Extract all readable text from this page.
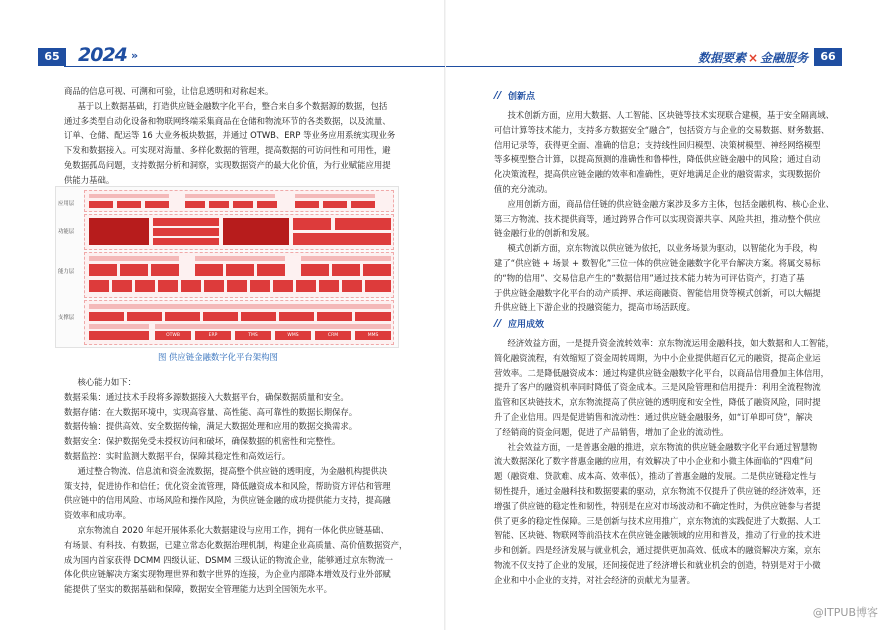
65 2024 »	数据要素 × 金融服务	66

商品的信息可视、可溯和可验，让信息透明和对称起来。

基于以上数据基础，打造供应链金融数字化平台，整合来自多个数据源的数据，包括
通过多类型自动化设备和物联网终端采集商品在仓储和物流环节的各类数据，以及流量、
订单、仓储、配运等 16 大业务板块数据，并通过 OTWB、ERP 等业务应用系统实现业务
下发和数据接入。可实现对海量、多样化数据的管理，提高数据的可访问性和可用性，避
免数据孤岛问题，支持数据分析和洞察，实现数据资产的最大化价值，为行业赋能应用提
供能力基础。
应用层
功能层
能力层
支撑层
OTWB	ERP	TMS	WMS	CRM	MMS
图 供应链金融数字化平台架构图
核心能力如下：
数据采集：通过技术手段将多源数据接入大数据平台，确保数据质量和安全。
数据存储：在大数据环境中，实现高容量、高性能、高可靠性的数据长期保存。
数据传输：提供高效、安全数据传输，满足大数据处理和应用的数据交换需求。
数据安全：保护数据免受未授权访问和破坏，确保数据的机密性和完整性。
数据监控：实时监测大数据平台，保障其稳定性和高效运行。
通过整合物流、信息流和资金流数据，提高整个供应链的透明度，为金融机构提供决
策支持，促进协作和信任；优化资金流管理，降低融资成本和风险，帮助资方评估和管理
供应链中的信用风险、市场风险和操作风险，为供应链金融的成功提供能力支持，提高融
资效率和成功率。
京东物流自 2020 年起开展体系化大数据建设与应用工作，拥有一体化供应链基础、
有场景、有科技、有数据，已建立常态化数据治理机制，构建企业高质量、高价值数据资产，
成为国内首家获得 DCMM 四级认证、DSMM 三级认证的物流企业，能够通过京东物流一
体化供应链解决方案实现物理世界和数字世界的连接，为企业内部降本增效及行业外部赋
能提供了坚实的数据基础和保障，数据安全管理能力达到全国领先水平。
// 创新点
技术创新方面，应用大数据、人工智能、区块链等技术实现联合建模，基于安全隔离域、
可信计算等技术能力，支持多方数据安全“融合”，包括资方与企业的交易数据、财务数据、
信用记录等，获得更全面、准确的信息；支持线性回归模型、决策树模型、神经网络模型
等多模型整合计算，以提高预测的准确性和鲁棒性，降低供应链金融中的风险；通过自动
化决策流程，提高供应链金融的效率和准确性，更好地满足企业的融资需求，实现数据价
值的充分流动。
应用创新方面，商品信任链的供应链金融方案涉及多方主体，包括金融机构、核心企业、
第三方物流、技术提供商等，通过跨界合作可以实现资源共享、风险共担，推动整个供应
链金融行业的创新和发展。
模式创新方面，京东物流以供应链为依托，以业务场景为驱动，以智能化为手段，构
建了“供应链 + 场景 + 数智化”三位一体的供应链金融数字化平台解决方案。将属交易标
的“物的信用”、交易信息产生的“数据信用”通过技术能力转为可评估资产，打造了基
于供应链金融数字化平台的动产质押、承运商融资、智能信用贷等模式创新，可以大幅提
升供应链上下游企业的投融资能力，提高市场活跃度。
// 应用成效
经济效益方面，一是提升资金流转效率：京东物流运用金融科技，如大数据和人工智能，
简化融资流程，有效缩短了资金周转周期，为中小企业提供超百亿元的融资，提高企业运
营效率。二是降低融资成本：通过构建供应链金融数字化平台，以商品信用叠加主体信用，
提升了客户的融资机率同时降低了资金成本。三是风险管理和信用提升：利用全流程物流
监管和区块链技术，京东物流提高了供应链的透明度和安全性，降低了融资风险，同时提
升了企业信用。四是促进销售和流动性：通过供应链金融服务，如“订单即可贷”，解决
了经销商的资金问题，促进了产品销售，增加了企业的流动性。
社会效益方面，一是普惠金融的推进，京东物流的供应链金融数字化平台通过智慧物
流大数据深化了数字普惠金融的应用，有效解决了中小企业和小微主体面临的“四难”问
题（融资难、贷款难、成本高、效率低），推动了普惠金融的发展。二是供应链稳定性与
韧性提升，通过金融科技和数据要素的驱动，京东物流不仅提升了供应链的经济效率，还
增强了供应链的稳定性和韧性，特别是在应对市场波动和不确定性时，为供应链参与者提
供了更多的稳定性保障。三是创新与技术应用推广，京东物流的实践促进了大数据、人工
智能、区块链、物联网等前沿技术在供应链金融领域的应用和普及，推动了行业的技术进
步和创新。四是经济发展与就业机会，通过提供更加高效、低成本的融资解决方案，京东
物流不仅支持了企业的发展，还间接促进了经济增长和就业机会的创造，特别是对于小微
企业和中小企业的支持，对社会经济的贡献尤为显著。
@ITPUB博客
